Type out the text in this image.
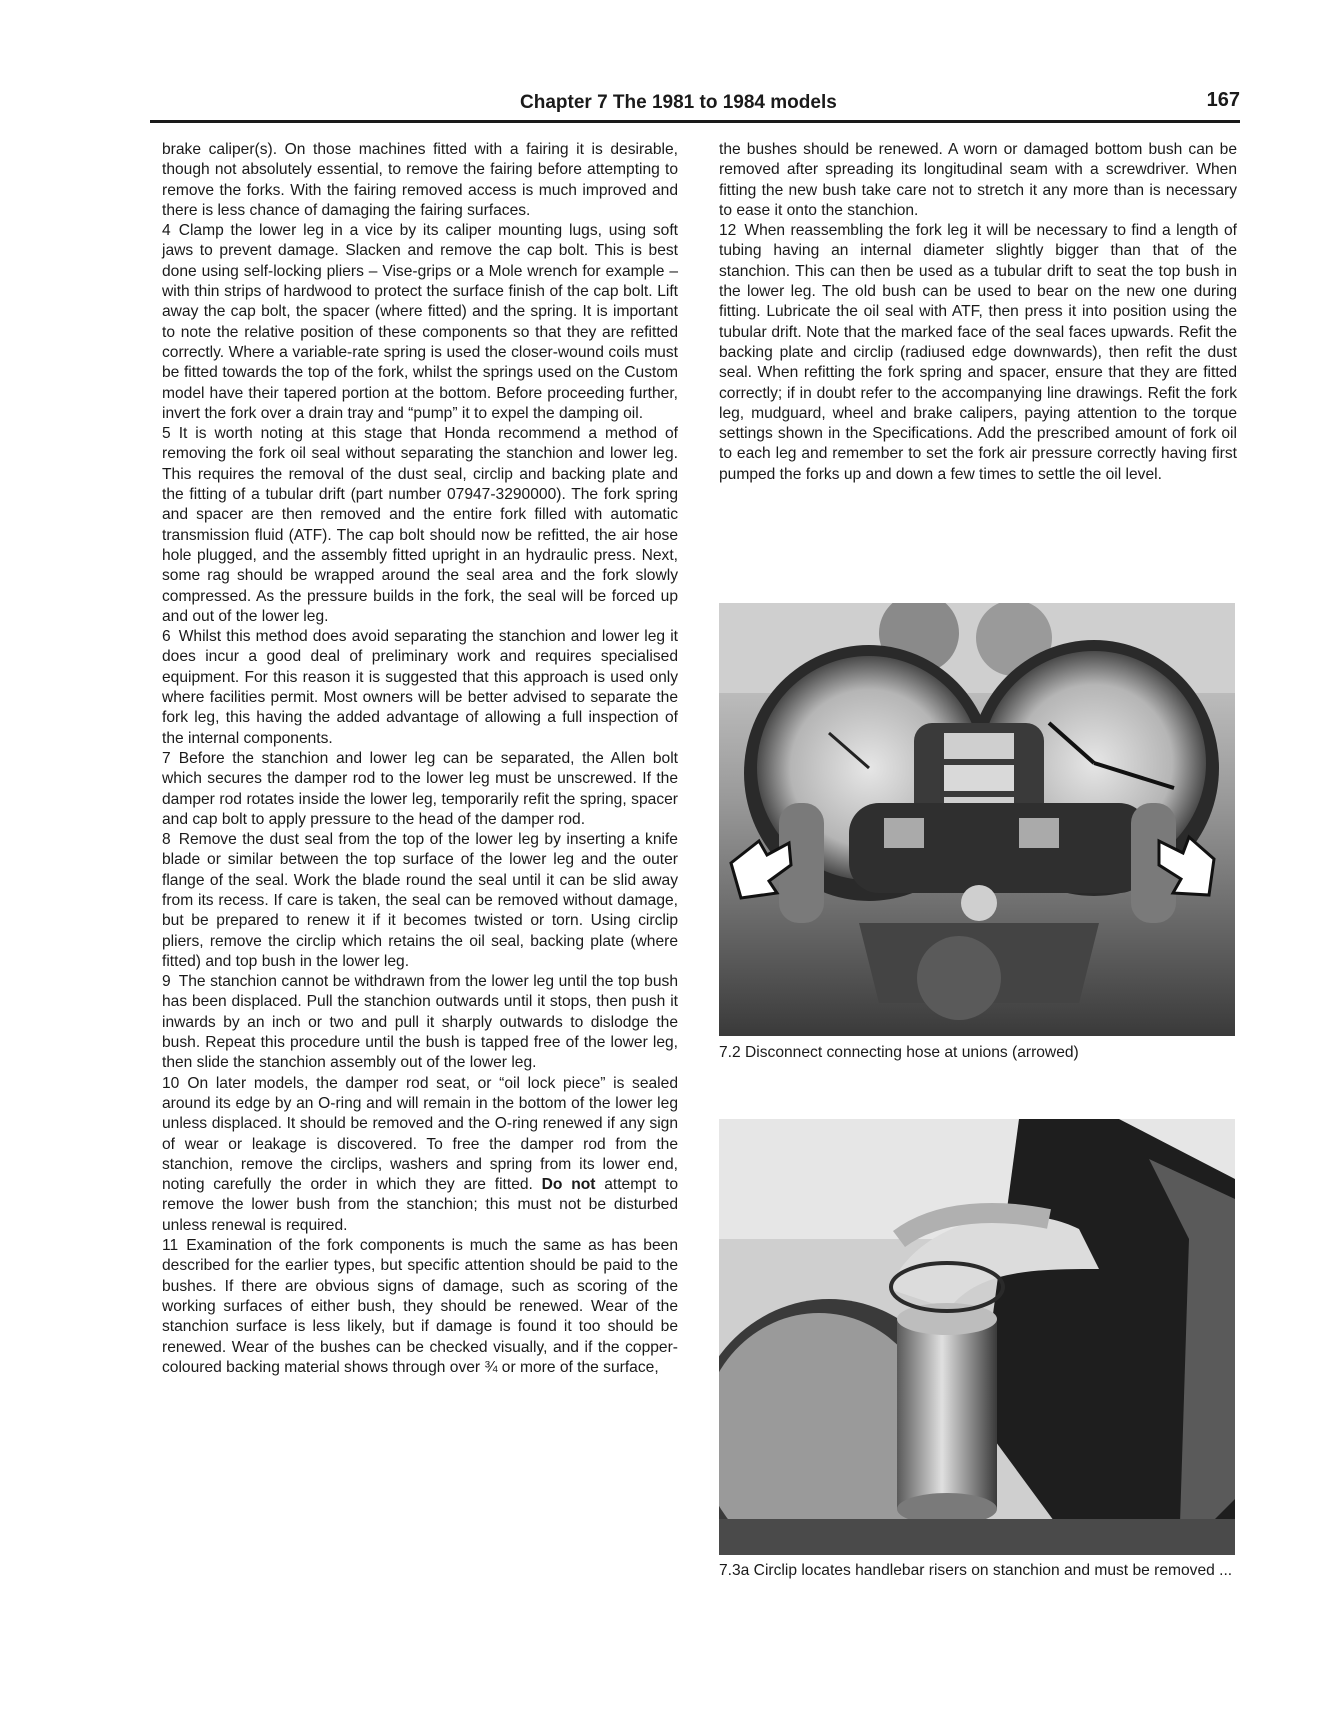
Chapter 7 The 1981 to 1984 models	167

brake caliper(s). On those machines fitted with a fairing it is desirable, though not absolutely essential, to remove the fairing before attempting to remove the forks. With the fairing removed access is much improved and there is less chance of damaging the fairing surfaces.

4 Clamp the lower leg in a vice by its caliper mounting lugs, using soft jaws to prevent damage. Slacken and remove the cap bolt. This is best done using self-locking pliers – Vise-grips or a Mole wrench for example – with thin strips of hardwood to protect the surface finish of the cap bolt. Lift away the cap bolt, the spacer (where fitted) and the spring. It is important to note the relative position of these components so that they are refitted correctly. Where a variable-rate spring is used the closer-wound coils must be fitted towards the top of the fork, whilst the springs used on the Custom model have their tapered portion at the bottom. Before proceeding further, invert the fork over a drain tray and “pump” it to expel the damping oil.

5 It is worth noting at this stage that Honda recommend a method of removing the fork oil seal without separating the stanchion and lower leg. This requires the removal of the dust seal, circlip and backing plate and the fitting of a tubular drift (part number 07947-3290000). The fork spring and spacer are then removed and the entire fork filled with automatic transmission fluid (ATF). The cap bolt should now be refitted, the air hose hole plugged, and the assembly fitted upright in an hydraulic press. Next, some rag should be wrapped around the seal area and the fork slowly compressed. As the pressure builds in the fork, the seal will be forced up and out of the lower leg.

6 Whilst this method does avoid separating the stanchion and lower leg it does incur a good deal of preliminary work and requires specialised equipment. For this reason it is suggested that this approach is used only where facilities permit. Most owners will be better advised to separate the fork leg, this having the added advantage of allowing a full inspection of the internal components.

7 Before the stanchion and lower leg can be separated, the Allen bolt which secures the damper rod to the lower leg must be unscrewed. If the damper rod rotates inside the lower leg, temporarily refit the spring, spacer and cap bolt to apply pressure to the head of the damper rod.

8 Remove the dust seal from the top of the lower leg by inserting a knife blade or similar between the top surface of the lower leg and the outer flange of the seal. Work the blade round the seal until it can be slid away from its recess. If care is taken, the seal can be removed without damage, but be prepared to renew it if it becomes twisted or torn. Using circlip pliers, remove the circlip which retains the oil seal, backing plate (where fitted) and top bush in the lower leg.

9 The stanchion cannot be withdrawn from the lower leg until the top bush has been displaced. Pull the stanchion outwards until it stops, then push it inwards by an inch or two and pull it sharply outwards to dislodge the bush. Repeat this procedure until the bush is tapped free of the lower leg, then slide the stanchion assembly out of the lower leg.

10 On later models, the damper rod seat, or “oil lock piece” is sealed around its edge by an O-ring and will remain in the bottom of the lower leg unless displaced. It should be removed and the O-ring renewed if any sign of wear or leakage is discovered. To free the damper rod from the stanchion, remove the circlips, washers and spring from its lower end, noting carefully the order in which they are fitted. Do not attempt to remove the lower bush from the stanchion; this must not be disturbed unless renewal is required.

11 Examination of the fork components is much the same as has been described for the earlier types, but specific attention should be paid to the bushes. If there are obvious signs of damage, such as scoring of the working surfaces of either bush, they should be renewed. Wear of the stanchion surface is less likely, but if damage is found it too should be renewed. Wear of the bushes can be checked visually, and if the copper-coloured backing material shows through over ¾ or more of the surface,

the bushes should be renewed. A worn or damaged bottom bush can be removed after spreading its longitudinal seam with a screwdriver. When fitting the new bush take care not to stretch it any more than is necessary to ease it onto the stanchion.

12 When reassembling the fork leg it will be necessary to find a length of tubing having an internal diameter slightly bigger than that of the stanchion. This can then be used as a tubular drift to seat the top bush in the lower leg. The old bush can be used to bear on the new one during fitting. Lubricate the oil seal with ATF, then press it into position using the tubular drift. Note that the marked face of the seal faces upwards. Refit the backing plate and circlip (radiused edge downwards), then refit the dust seal. When refitting the fork spring and spacer, ensure that they are fitted correctly; if in doubt refer to the accompanying line drawings. Refit the fork leg, mudguard, wheel and brake calipers, paying attention to the torque settings shown in the Specifications. Add the prescribed amount of fork oil to each leg and remember to set the fork air pressure correctly having first pumped the forks up and down a few times to settle the oil level.

7.2 Disconnect connecting hose at unions (arrowed)
7.3a Circlip locates handlebar risers on stanchion and must be removed ...
